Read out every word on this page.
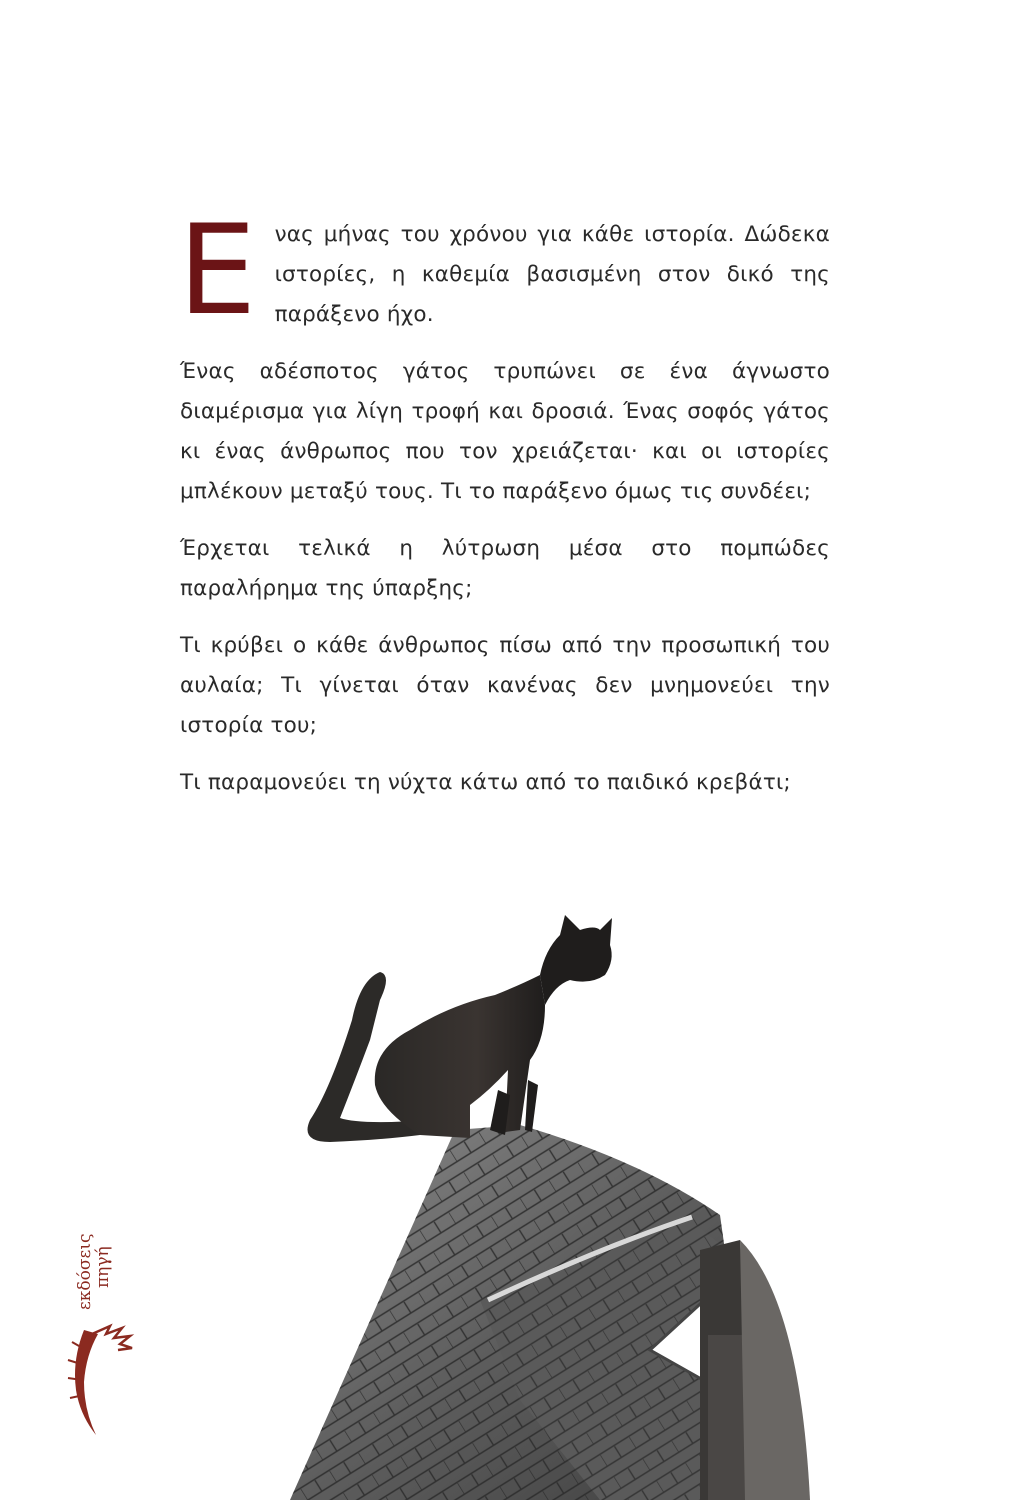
Ενας μήνας του χρόνου για κάθε ιστορία. Δώδεκα ιστορίες, η καθεμία βασισμένη στον δικό της παράξενο ήχο.

Ένας αδέσποτος γάτος τρυπώνει σε ένα άγνωστο διαμέρισμα για λίγη τροφή και δροσιά. Ένας σοφός γάτος κι ένας άνθρωπος που τον χρειάζεται· και οι ιστορίες μπλέκουν μεταξύ τους. Τι το παράξενο όμως τις συνδέει;

Έρχεται τελικά η λύτρωση μέσα στο πομπώδες παραλήρημα της ύπαρξης;

Τι κρύβει ο κάθε άνθρωπος πίσω από την προσωπική του αυλαία; Τι γίνεται όταν κανένας δεν μνημονεύει την ιστορία του;

Τι παραμονεύει τη νύχτα κάτω από το παιδικό κρεβάτι;

εκδόσεις
πηγή
